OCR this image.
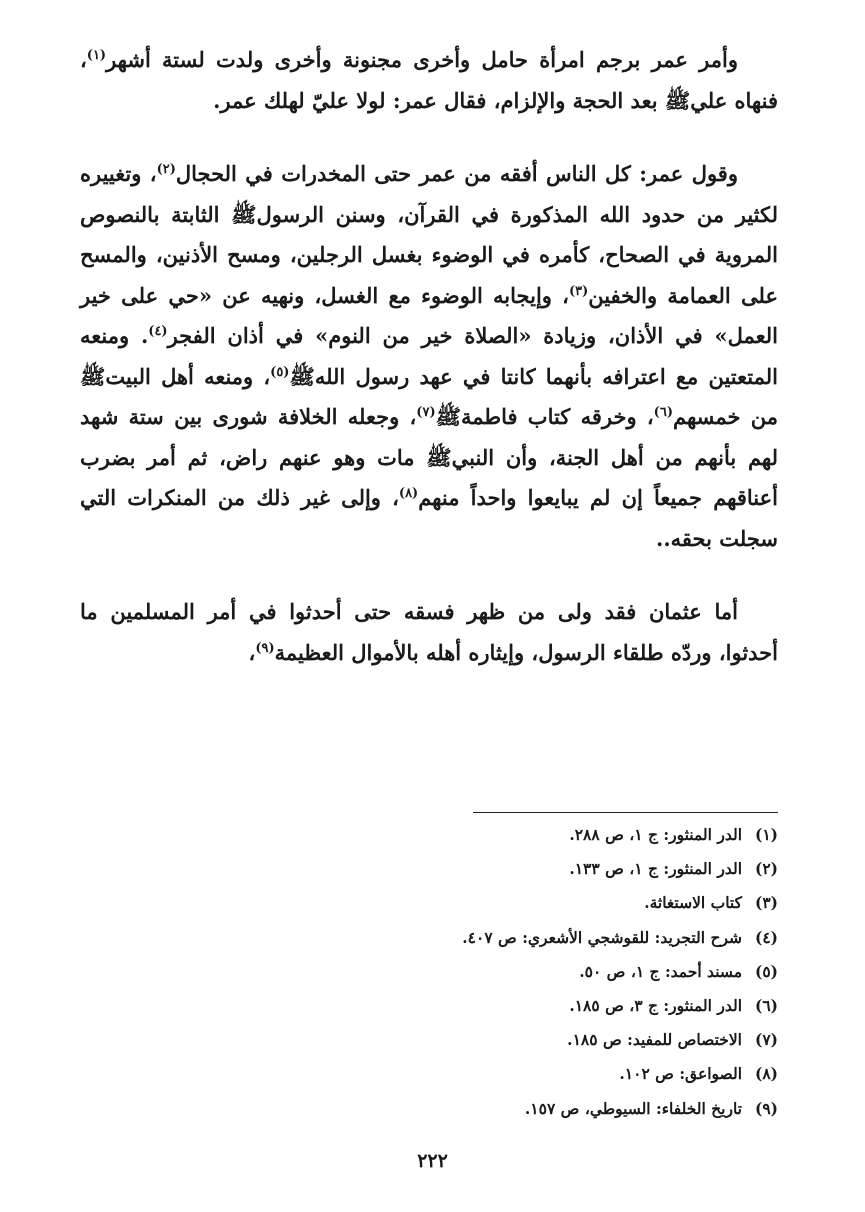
وأمر عمر برجم امرأة حامل وأخرى مجنونة وأخرى ولدت لستة أشهر$^{(١)}$، فنهاه عليﷺ بعد الحجة والإلزام، فقال عمر: لولا عليّ لهلك عمر.

وقول عمر: كل الناس أفقه من عمر حتى المخدرات في الحجال$^{(٢)}$، وتغييره لكثير من حدود الله المذكورة في القرآن، وسنن الرسولﷺ الثابتة بالنصوص المروية في الصحاح، كأمره في الوضوء بغسل الرجلين، ومسح الأذنين، والمسح على العمامة والخفين$^{(٣)}$، وإيجابه الوضوء مع الغسل، ونهيه عن «حي على خير العمل» في الأذان، وزيادة «الصلاة خير من النوم» في أذان الفجر$^{(٤)}$. ومنعه المتعتين مع اعترافه بأنهما كانتا في عهد رسول اللهﷺ$^{(٥)}$، ومنعه أهل البيتﷺ من خمسهم$^{(٦)}$، وخرقه كتاب فاطمةﷺ$^{(٧)}$، وجعله الخلافة شورى بين ستة شهد لهم بأنهم من أهل الجنة، وأن النبيﷺ مات وهو عنهم راض، ثم أمر بضرب أعناقهم جميعاً إن لم يبايعوا واحداً منهم$^{(٨)}$، وإلى غير ذلك من المنكرات التي سجلت بحقه..

أما عثمان فقد ولى من ظهر فسقه حتى أحدثوا في أمر المسلمين ما أحدثوا، وردّه طلقاء الرسول، وإيثاره أهله بالأموال العظيمة$^{(٩)}$،

(١)الدر المنثور: ج ١، ص ٢٨٨.
(٢)الدر المنثور: ج ١، ص ١٣٣.
(٣)كتاب الاستغاثة.
(٤)شرح التجريد: للقوشجي الأشعري: ص ٤٠٧.
(٥)مسند أحمد: ج ١، ص ٥٠.
(٦)الدر المنثور: ج ٣، ص ١٨٥.
(٧)الاختصاص للمفيد: ص ١٨٥.
(٨)الصواعق: ص ١٠٢.
(٩)تاريخ الخلفاء: السيوطي، ص ١٥٧.
٢٢٢
